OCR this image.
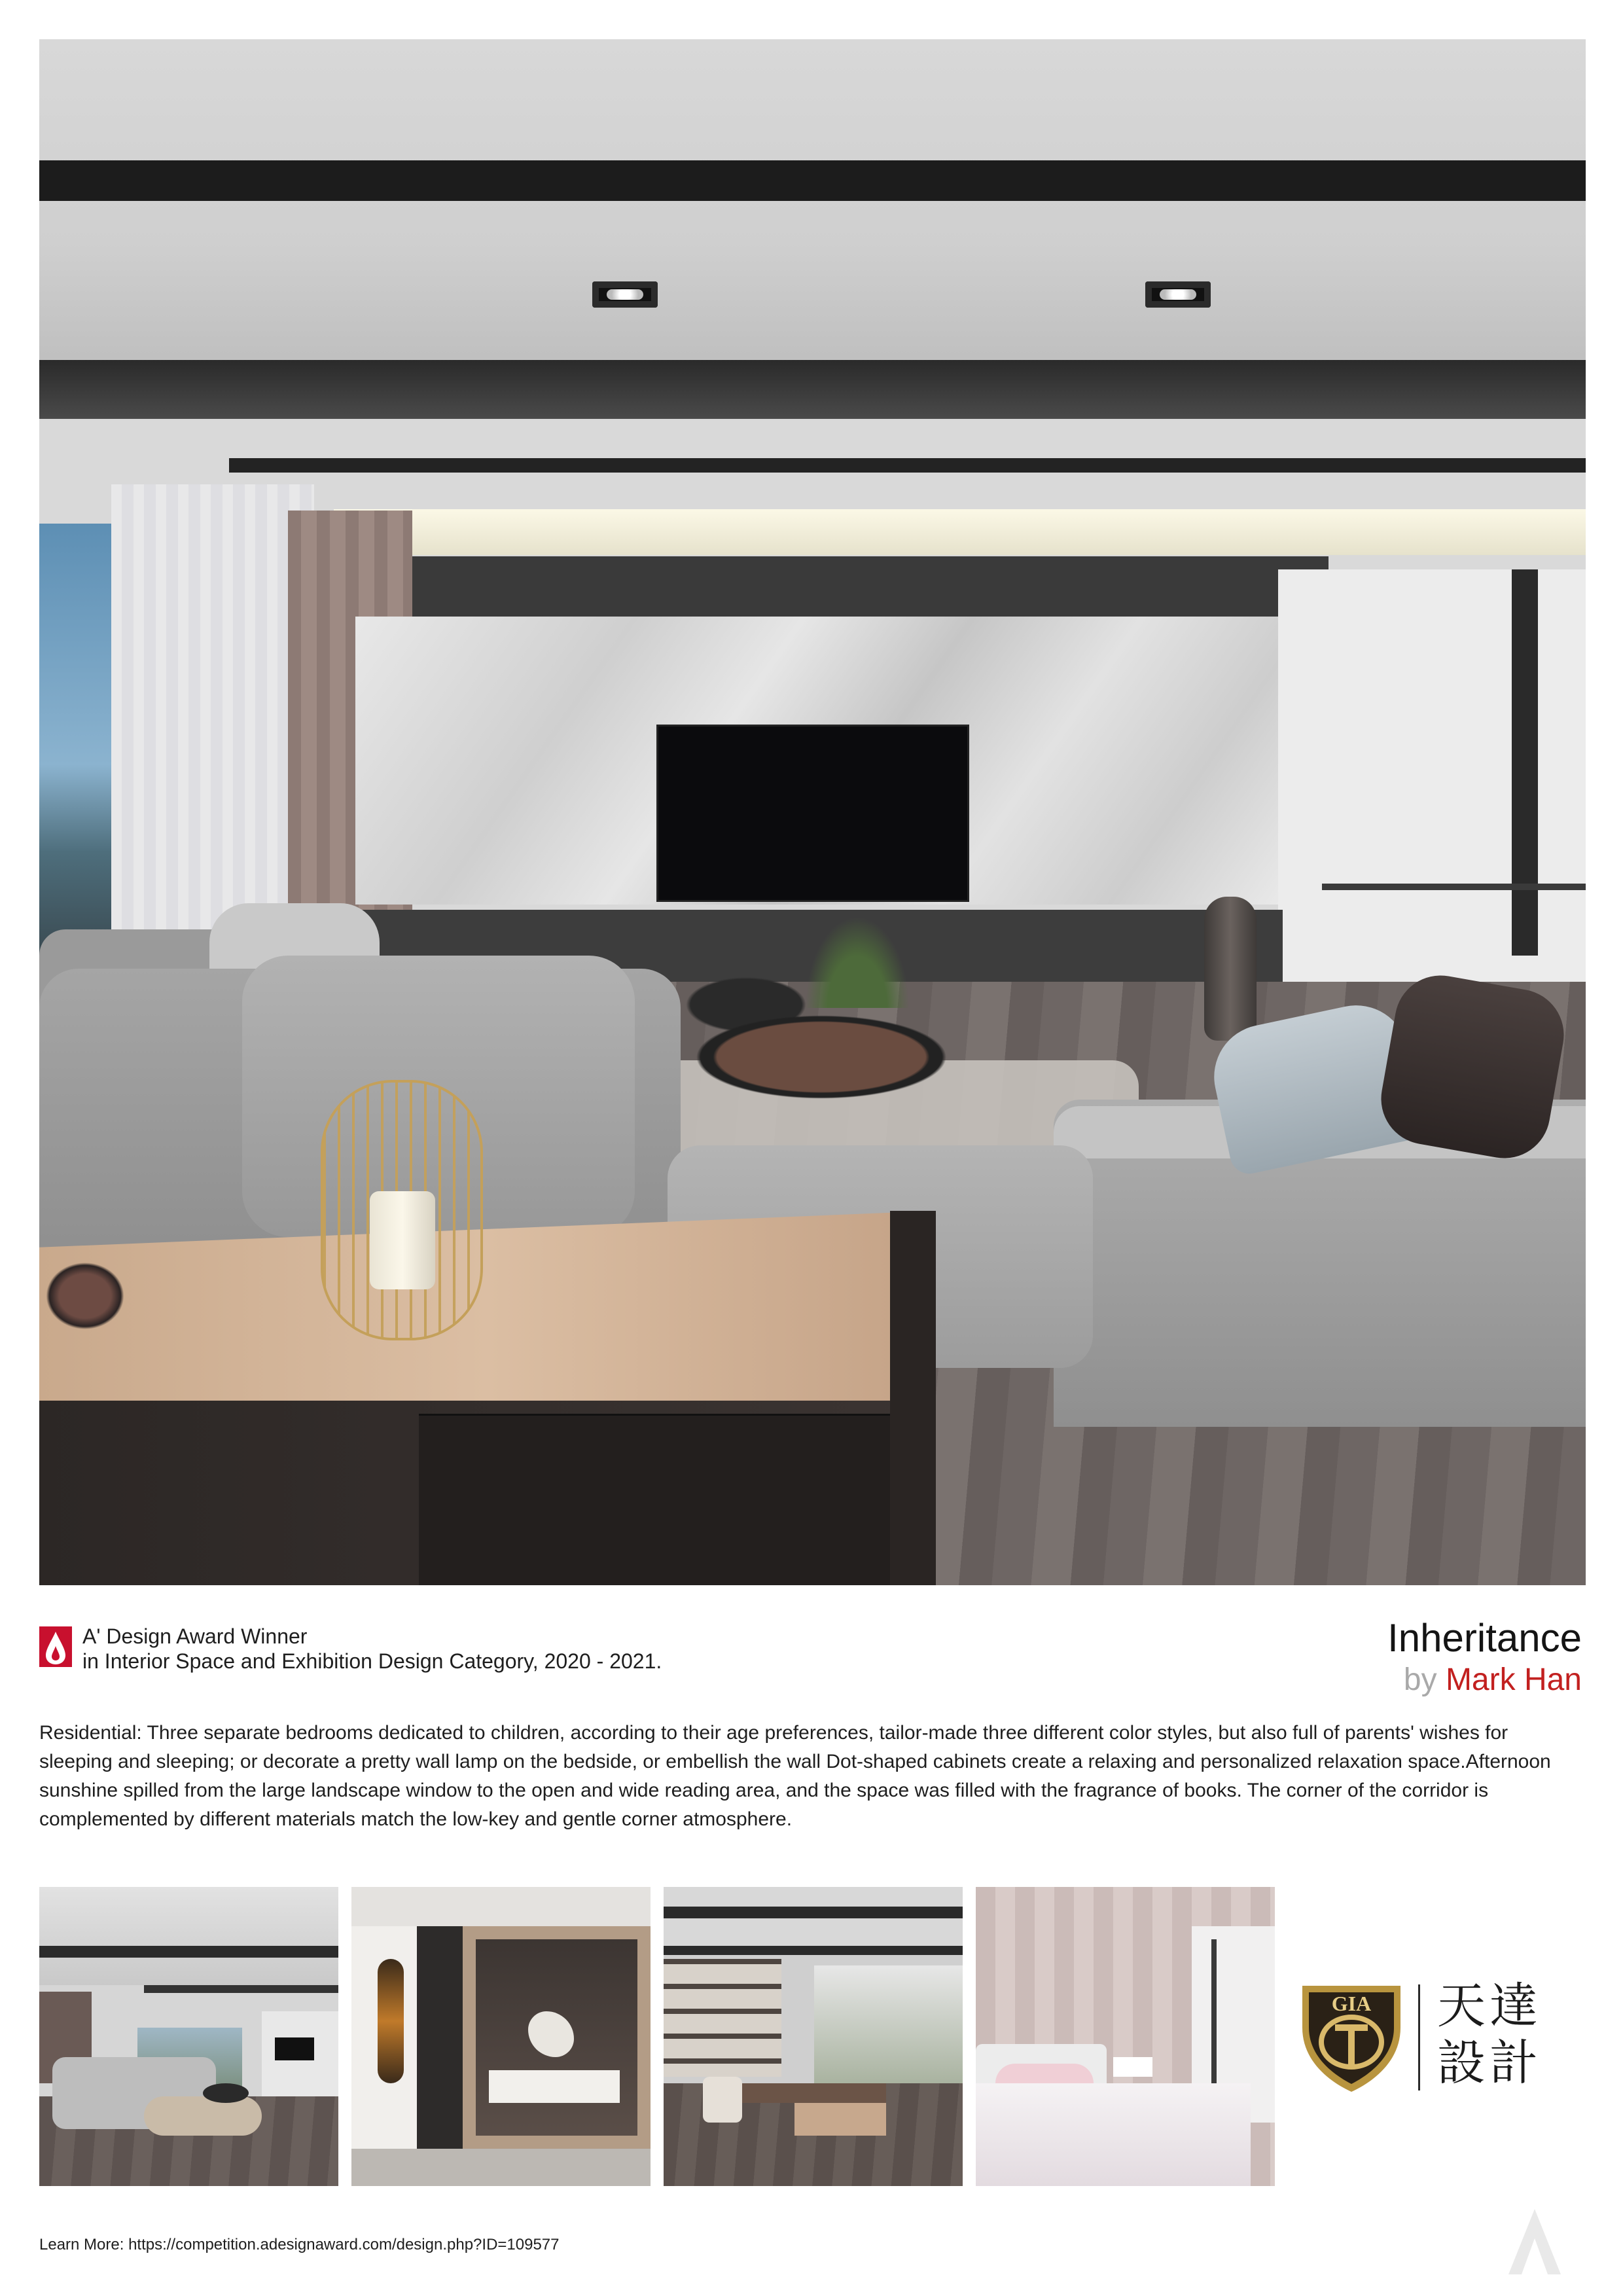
A' Design Award Winner
in Interior Space and Exhibition Design Category, 2020 - 2021.
Inheritance
by Mark Han

Residential: Three separate bedrooms dedicated to children, according to their age preferences, tailor-made three different color styles, but also full of parents' wishes for sleeping and sleeping; or decorate a pretty wall lamp on the bedside, or embellish the wall Dot-shaped cabinets create a relaxing and personalized relaxation space.Afternoon sunshine spilled from the large landscape window to the open and wide reading area, and the space was filled with the fragrance of books. The corner of the corridor is complemented by different materials match the low-key and gentle corner atmosphere.

GIA 天達
設計
Learn More: https://competition.adesignaward.com/design.php?ID=109577
